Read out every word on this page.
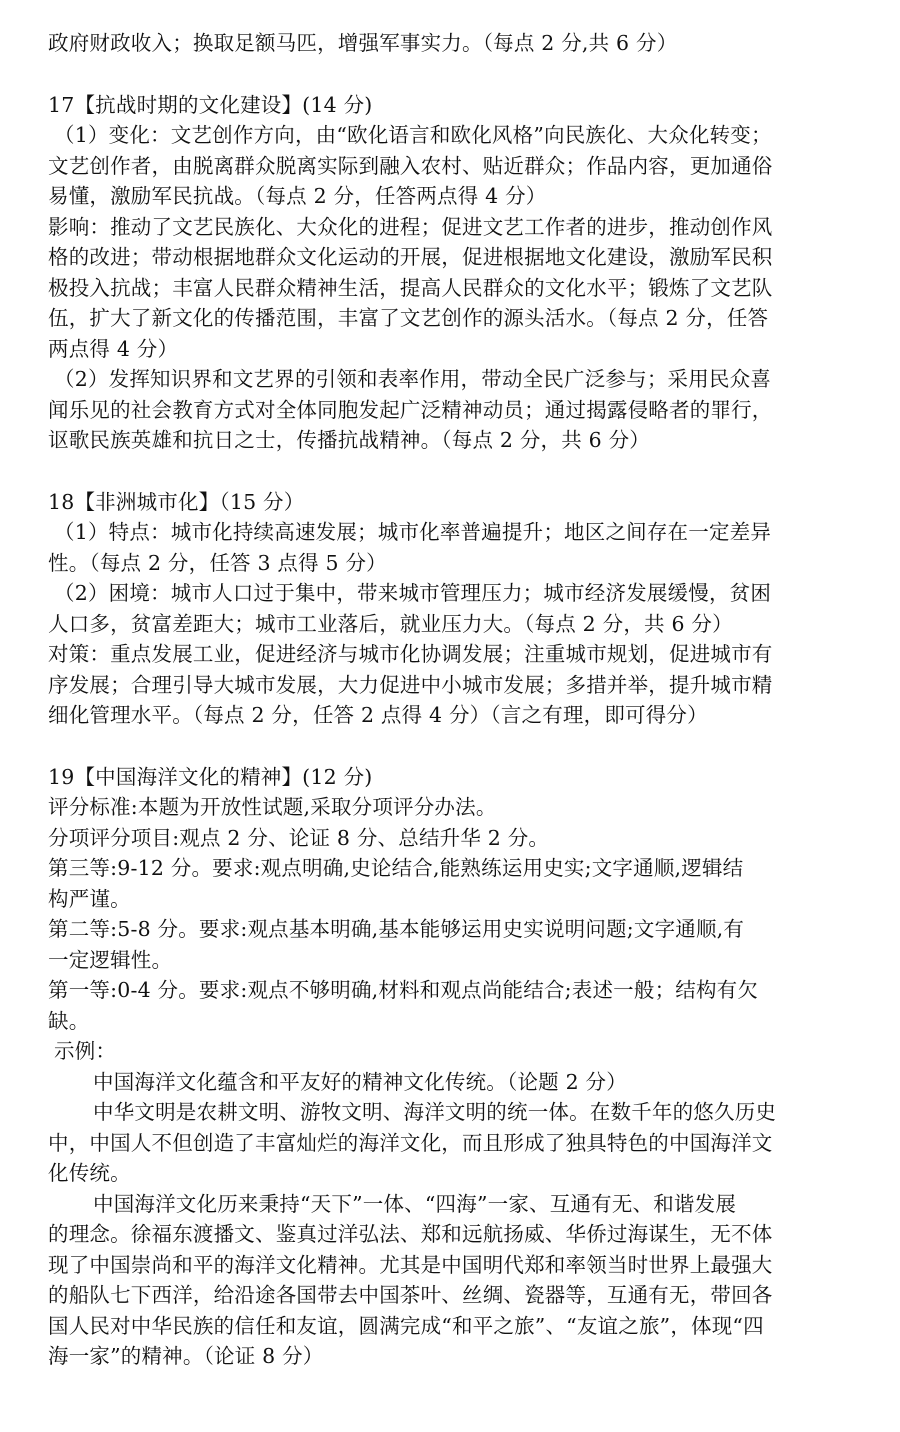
政府财政收入；换取足额马匹，增强军事实力。（每点 2 分,共 6 分）
17【抗战时期的文化建设】(14 分)
（1）变化：文艺创作方向，由“欧化语言和欧化风格”向民族化、大众化转变；
文艺创作者，由脱离群众脱离实际到融入农村、贴近群众；作品内容，更加通俗
易懂，激励军民抗战。（每点 2 分，任答两点得 4 分）
影响：推动了文艺民族化、大众化的进程；促进文艺工作者的进步，推动创作风
格的改进；带动根据地群众文化运动的开展，促进根据地文化建设，激励军民积
极投入抗战；丰富人民群众精神生活，提高人民群众的文化水平；锻炼了文艺队
伍，扩大了新文化的传播范围，丰富了文艺创作的源头活水。（每点 2 分，任答
两点得 4 分）
（2）发挥知识界和文艺界的引领和表率作用，带动全民广泛参与；采用民众喜
闻乐见的社会教育方式对全体同胞发起广泛精神动员；通过揭露侵略者的罪行，
讴歌民族英雄和抗日之士，传播抗战精神。（每点 2 分，共 6 分）
18【非洲城市化】（15 分）
（1）特点：城市化持续高速发展；城市化率普遍提升；地区之间存在一定差异
性。（每点 2 分，任答 3 点得 5 分）
（2）困境：城市人口过于集中，带来城市管理压力；城市经济发展缓慢，贫困
人口多，贫富差距大；城市工业落后，就业压力大。（每点 2 分，共 6 分）
对策：重点发展工业，促进经济与城市化协调发展；注重城市规划，促进城市有
序发展；合理引导大城市发展，大力促进中小城市发展；多措并举，提升城市精
细化管理水平。（每点 2 分，任答 2 点得 4 分）（言之有理，即可得分）
19【中国海洋文化的精神】(12 分)
评分标准:本题为开放性试题,采取分项评分办法。
分项评分项目:观点 2 分、论证 8 分、总结升华 2 分。
第三等:9-12 分。要求:观点明确,史论结合,能熟练运用史实;文字通顺,逻辑结
构严谨。
第二等:5-8 分。要求:观点基本明确,基本能够运用史实说明问题;文字通顺,有
一定逻辑性。
第一等:0-4 分。要求:观点不够明确,材料和观点尚能结合;表述一般；结构有欠
缺。
示例：
中国海洋文化蕴含和平友好的精神文化传统。（论题 2 分）
中华文明是农耕文明、游牧文明、海洋文明的统一体。在数千年的悠久历史
中，中国人不但创造了丰富灿烂的海洋文化，而且形成了独具特色的中国海洋文
化传统。
中国海洋文化历来秉持“天下”一体、“四海”一家、互通有无、和谐发展
的理念。徐福东渡播文、鉴真过洋弘法、郑和远航扬威、华侨过海谋生，无不体
现了中国崇尚和平的海洋文化精神。尤其是中国明代郑和率领当时世界上最强大
的船队七下西洋，给沿途各国带去中国茶叶、丝绸、瓷器等，互通有无，带回各
国人民对中华民族的信任和友谊，圆满完成“和平之旅”、“友谊之旅”，体现“四
海一家”的精神。（论证 8 分）
